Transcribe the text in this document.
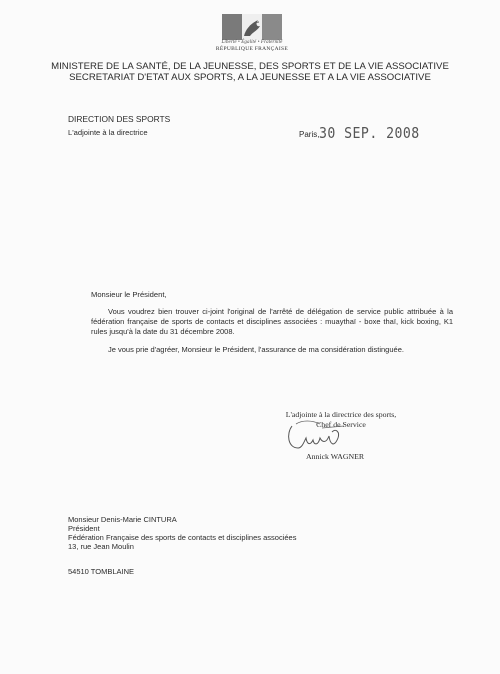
Liberté • Égalité • Fraternité
RÉPUBLIQUE FRANÇAISE
MINISTERE DE LA SANTÉ, DE LA JEUNESSE, DES SPORTS ET DE LA VIE ASSOCIATIVE
SECRETARIAT D'ETAT AUX SPORTS, A LA JEUNESSE ET A LA VIE ASSOCIATIVE
DIRECTION DES SPORTS
L'adjointe à la directrice	Paris, 30 SEP. 2008
Monsieur le Président,
Vous voudrez bien trouver ci-joint l'original de l'arrêté de délégation de service public attribuée à la fédération française de sports de contacts et disciplines associées : muaythaï - boxe thaï, kick boxing, K1 rules jusqu'à la date du 31 décembre 2008.
Je vous prie d'agréer, Monsieur le Président, l'assurance de ma considération distinguée.
L'adjointe à la directrice des sports,
Chef de Service
Annick WAGNER
Monsieur Denis-Marie CINTURA
Président
Fédération Française des sports de contacts et disciplines associées
13, rue Jean Moulin
54510 TOMBLAINE
